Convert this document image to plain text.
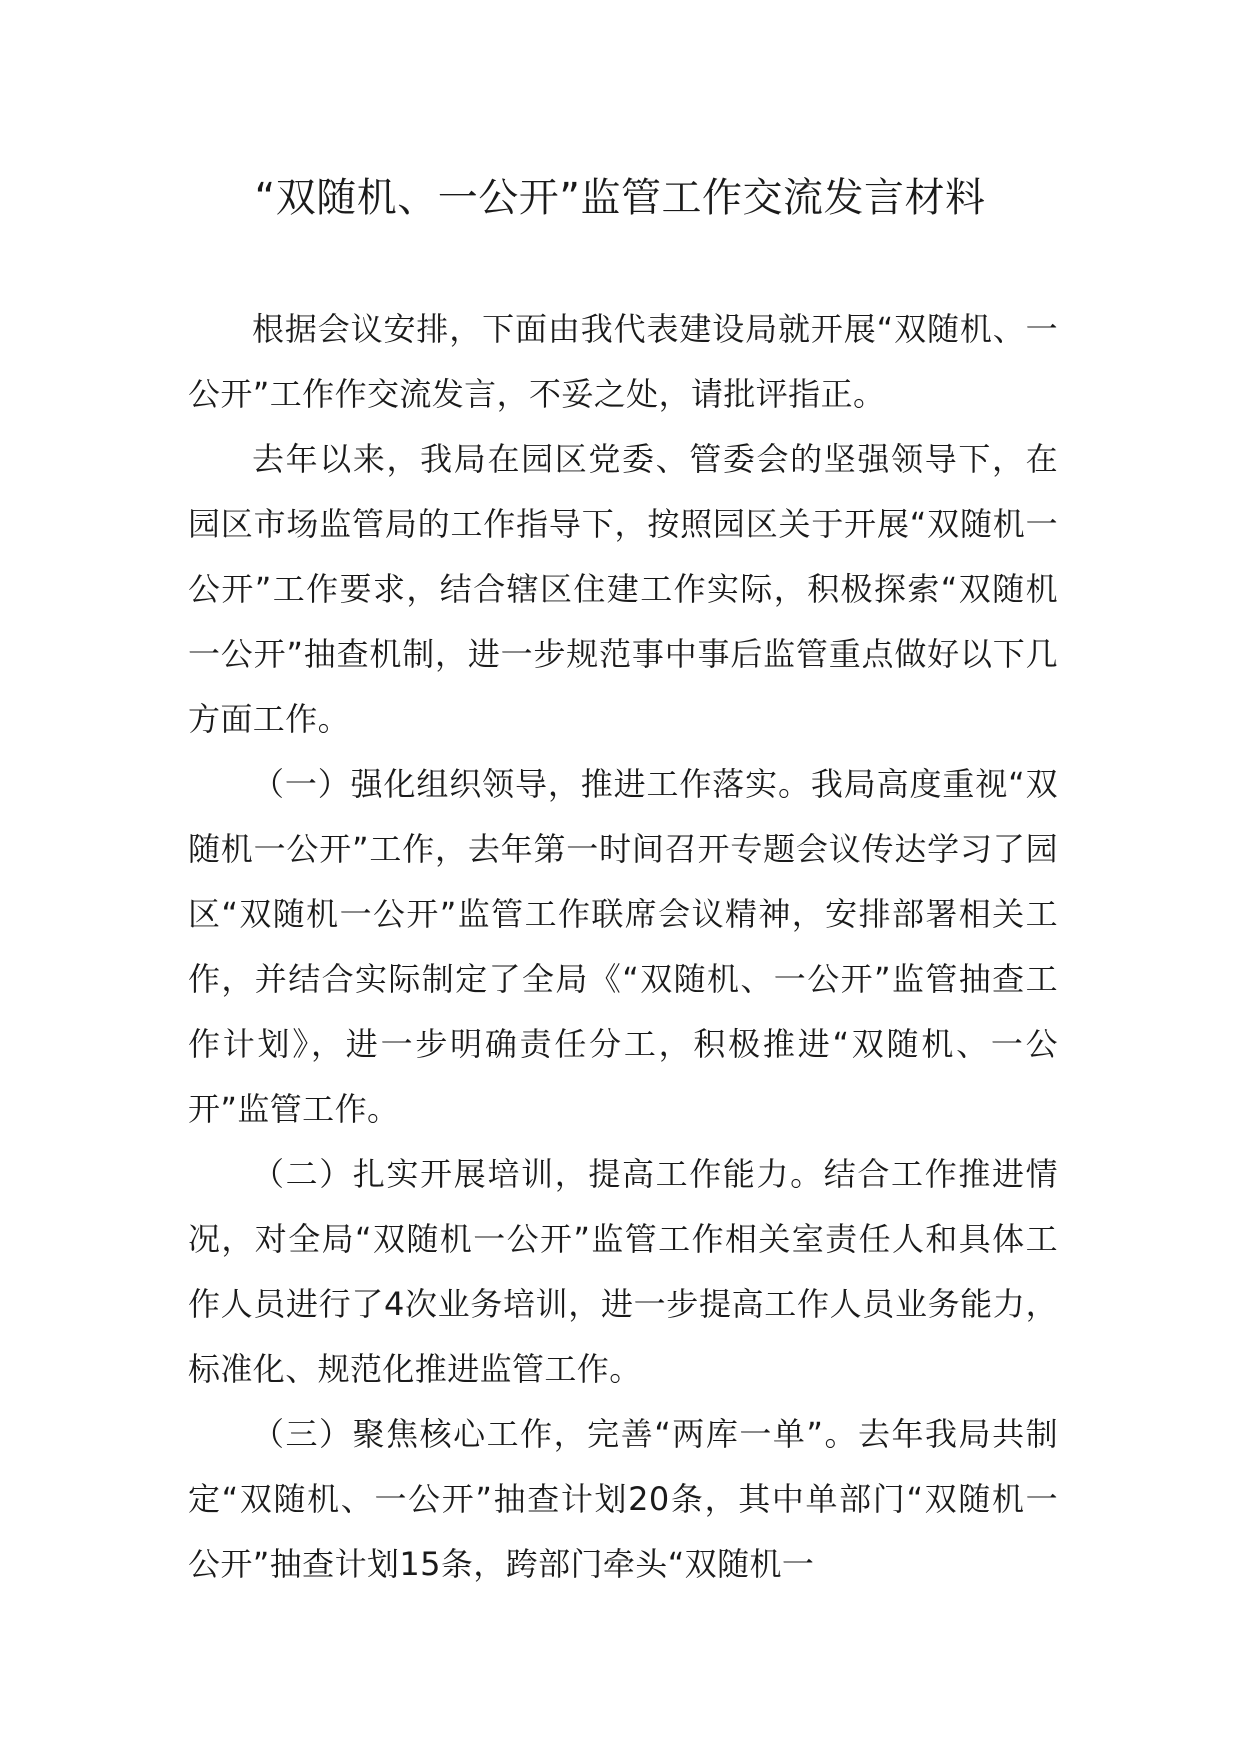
“双随机、一公开”监管工作交流发言材料

根据会议安排，下面由我代表建设局就开展“双随机、一公开”工作作交流发言，不妥之处，请批评指正。

去年以来，我局在园区党委、管委会的坚强领导下，在园区市场监管局的工作指导下，按照园区关于开展“双随机一公开”工作要求，结合辖区住建工作实际，积极探索“双随机一公开”抽查机制，进一步规范事中事后监管重点做好以下几方面工作。

（一）强化组织领导，推进工作落实。我局高度重视“双随机一公开”工作，去年第一时间召开专题会议传达学习了园区“双随机一公开”监管工作联席会议精神，安排部署相关工作，并结合实际制定了全局《“双随机、一公开”监管抽查工作计划》，进一步明确责任分工，积极推进“双随机、一公开”监管工作。

（二）扎实开展培训，提高工作能力。结合工作推进情况，对全局“双随机一公开”监管工作相关室责任人和具体工作人员进行了4次业务培训，进一步提高工作人员业务能力，标准化、规范化推进监管工作。

（三）聚焦核心工作，完善“两库一单”。去年我局共制定“双随机、一公开”抽查计划20条，其中单部门“双随机一公开”抽查计划15条，跨部门牵头“双随机一
